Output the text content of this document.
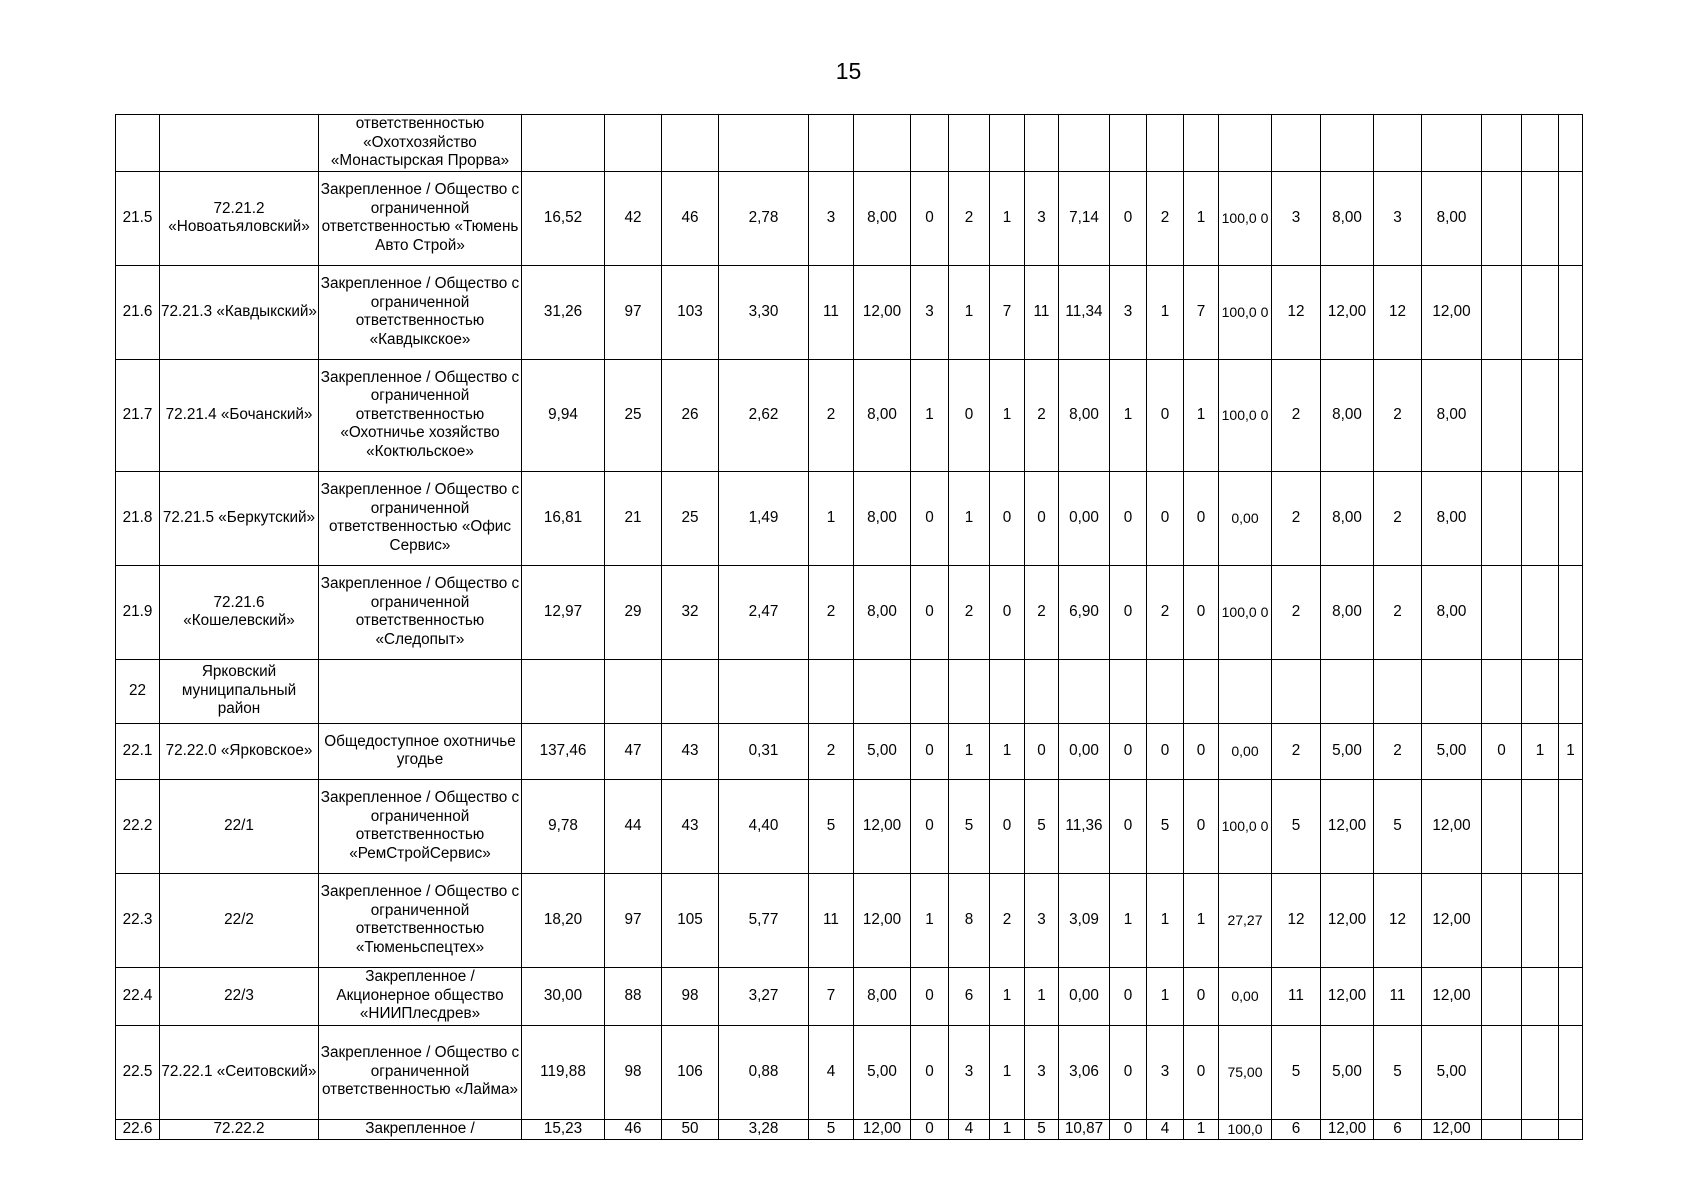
15
		ответственностью «Охотхозяйство «Монастырская Прорва»																							
21.5	72.21.2 «Новоатьяловский»	Закрепленное / Общество с ограниченной ответственностью «Тюмень Авто Строй»	16,52	42	46	2,78	3	8,00	0	2	1	3	7,14	0	2	1	100,0 0	3	8,00	3	8,00				
21.6	72.21.3 «Кавдыкский»	Закрепленное / Общество с ограниченной ответственностью «Кавдыкское»	31,26	97	103	3,30	11	12,00	3	1	7	11	11,34	3	1	7	100,0 0	12	12,00	12	12,00				
21.7	72.21.4 «Бочанский»	Закрепленное / Общество с ограниченной ответственностью «Охотничье хозяйство «Коктюльское»	9,94	25	26	2,62	2	8,00	1	0	1	2	8,00	1	0	1	100,0 0	2	8,00	2	8,00				
21.8	72.21.5 «Беркутский»	Закрепленное / Общество с ограниченной ответственностью «Офис Сервис»	16,81	21	25	1,49	1	8,00	0	1	0	0	0,00	0	0	0	0,00	2	8,00	2	8,00				
21.9	72.21.6 «Кошелевский»	Закрепленное / Общество с ограниченной ответственностью «Следопыт»	12,97	29	32	2,47	2	8,00	0	2	0	2	6,90	0	2	0	100,0 0	2	8,00	2	8,00				
22	Ярковский муниципальный район																								
22.1	72.22.0 «Ярковское»	Общедоступное охотничье угодье	137,46	47	43	0,31	2	5,00	0	1	1	0	0,00	0	0	0	0,00	2	5,00	2	5,00	0	1	1	
22.2	22/1	Закрепленное / Общество с ограниченной ответственностью «РемСтройСервис»	9,78	44	43	4,40	5	12,00	0	5	0	5	11,36	0	5	0	100,0 0	5	12,00	5	12,00				
22.3	22/2	Закрепленное / Общество с ограниченной ответственностью «Тюменьспецтех»	18,20	97	105	5,77	11	12,00	1	8	2	3	3,09	1	1	1	27,27	12	12,00	12	12,00				
22.4	22/3	Закрепленное / Акционерное общество «НИИПлесдрев»	30,00	88	98	3,27	7	8,00	0	6	1	1	0,00	0	1	0	0,00	11	12,00	11	12,00				
22.5	72.22.1 «Сеитовский»	Закрепленное / Общество с ограниченной ответственностью «Лайма»	119,88	98	106	0,88	4	5,00	0	3	1	3	3,06	0	3	0	75,00	5	5,00	5	5,00				
22.6	72.22.2	Закрепленное /	15,23	46	50	3,28	5	12,00	0	4	1	5	10,87	0	4	1	100,0	6	12,00	6	12,00				
